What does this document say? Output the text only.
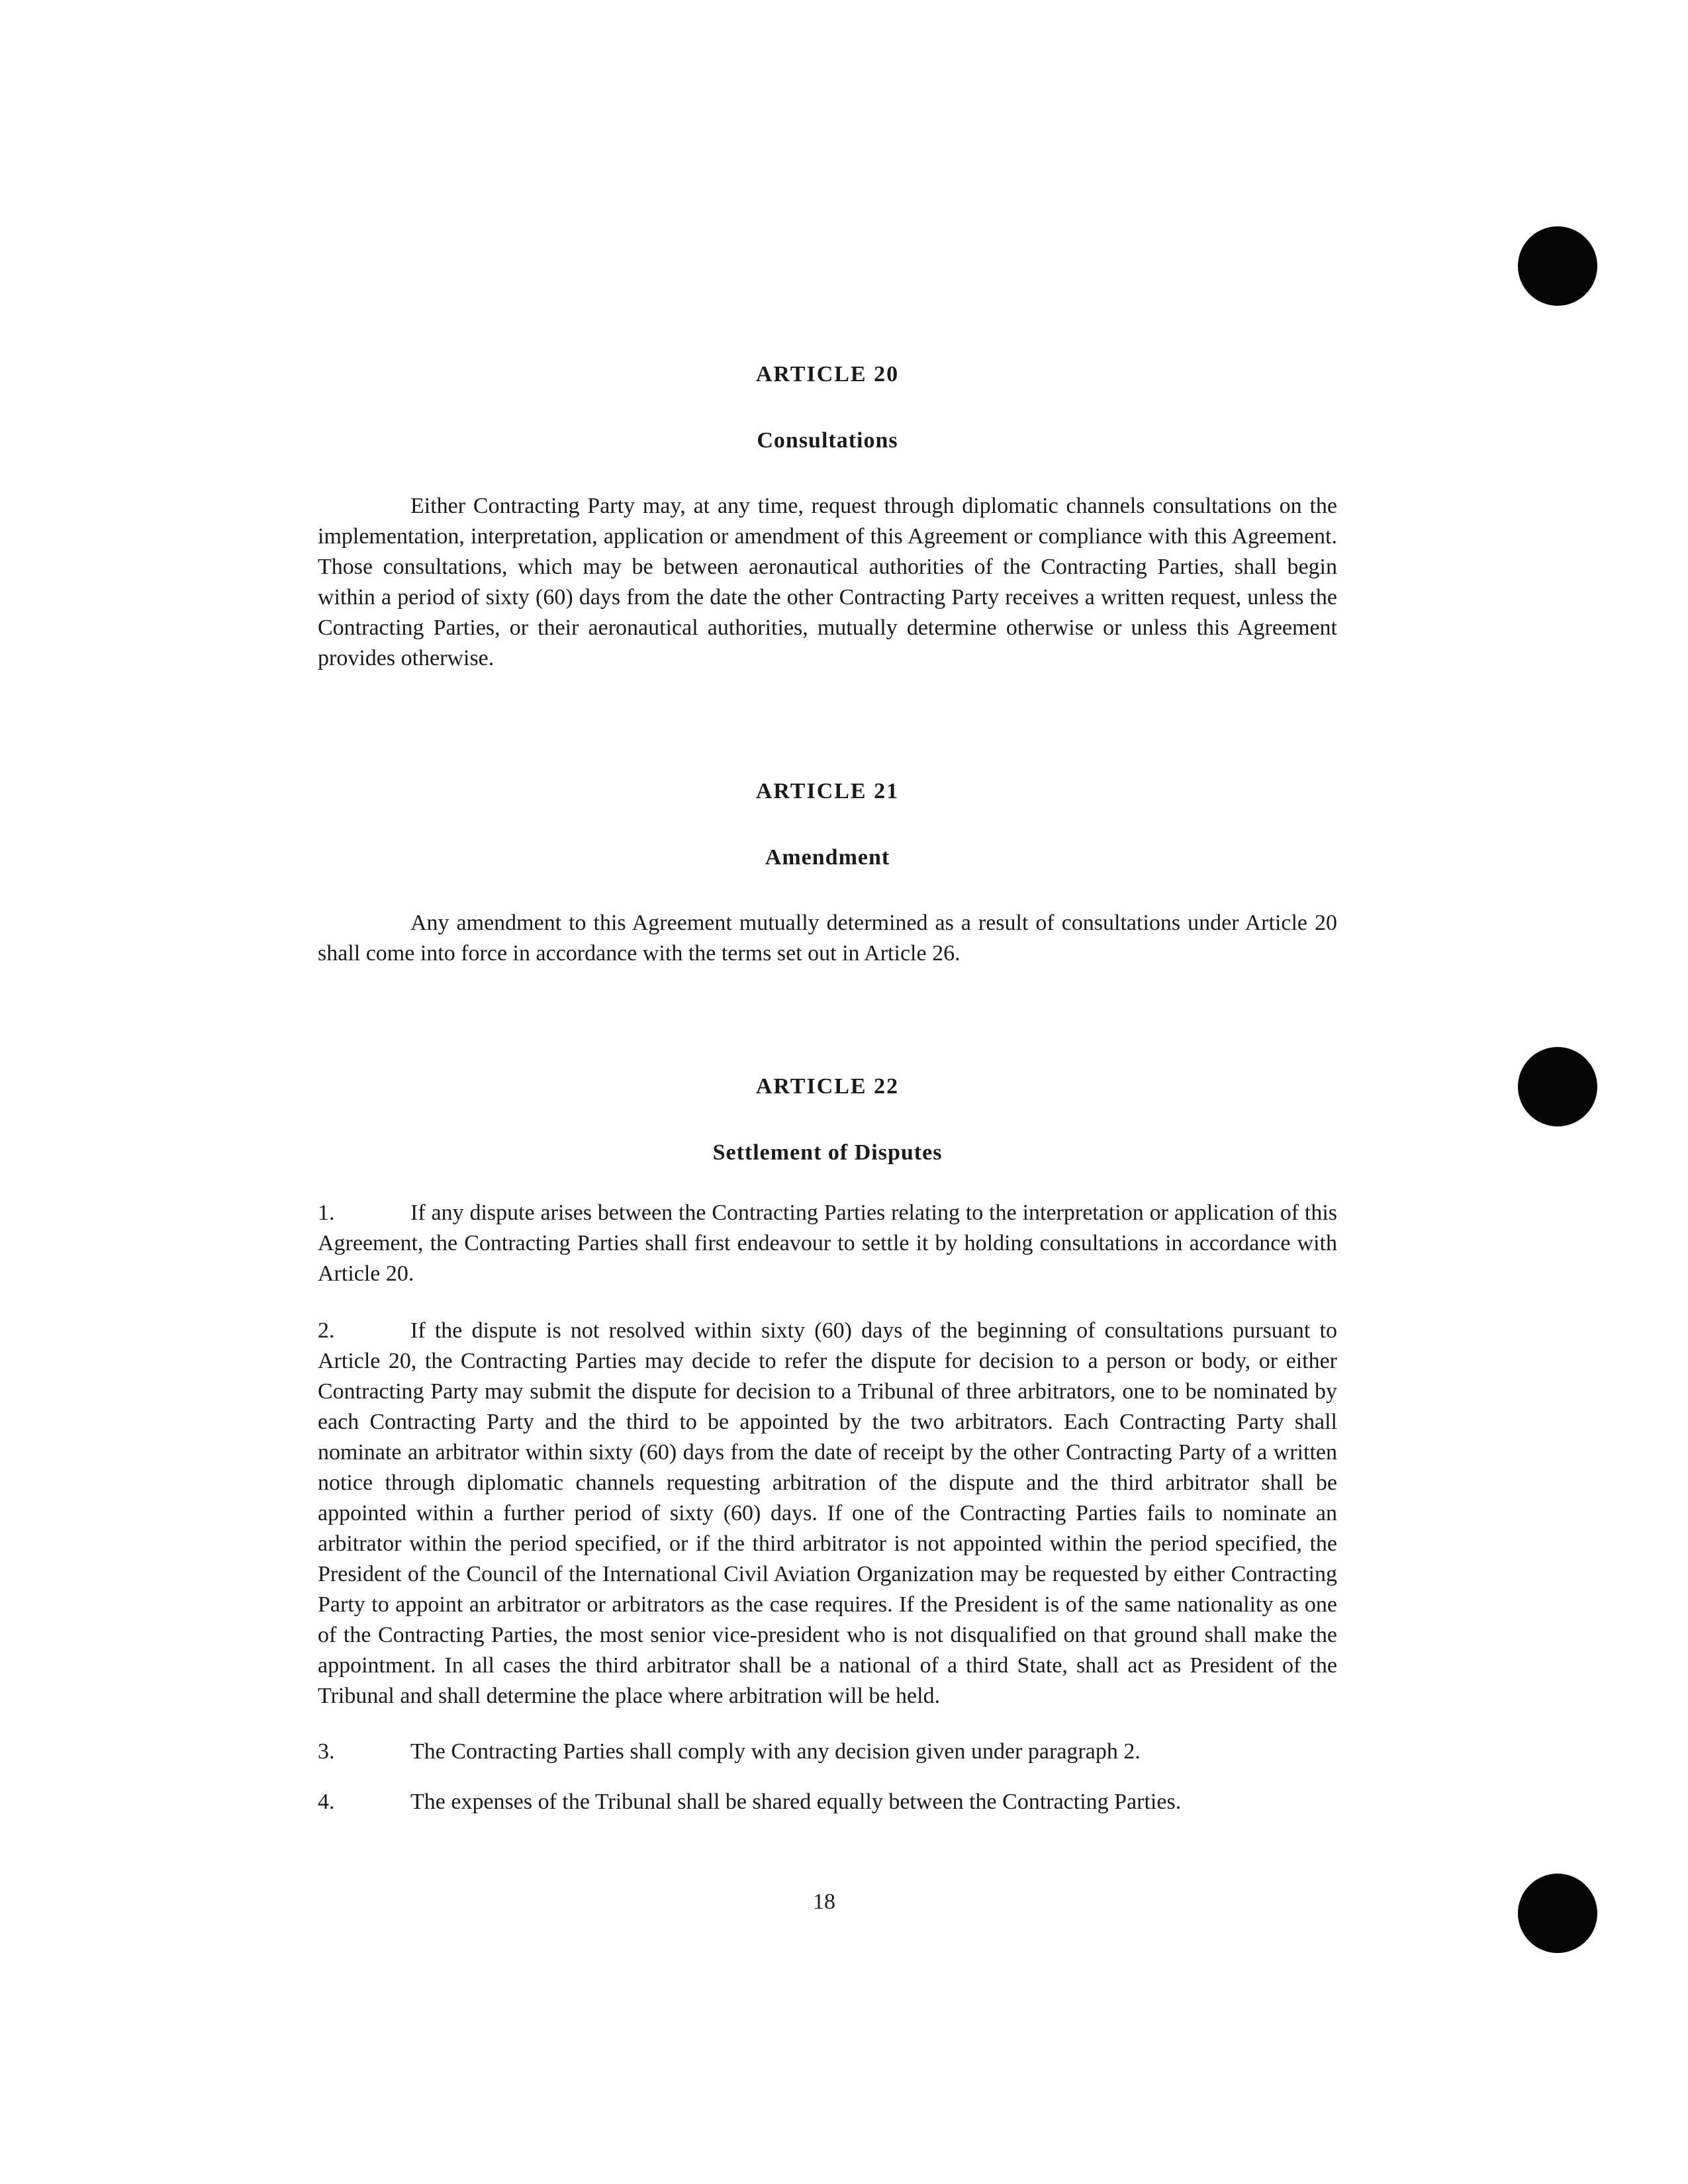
ARTICLE 20
Consultations

Either Contracting Party may, at any time, request through diplomatic channels consultations on the implementation, interpretation, application or amendment of this Agreement or compliance with this Agreement. Those consultations, which may be between aeronautical authorities of the Contracting Parties, shall begin within a period of sixty (60) days from the date the other Contracting Party receives a written request, unless the Contracting Parties, or their aeronautical authorities, mutually determine otherwise or unless this Agreement provides otherwise.

ARTICLE 21
Amendment

Any amendment to this Agreement mutually determined as a result of consultations under Article 20 shall come into force in accordance with the terms set out in Article 26.

ARTICLE 22
Settlement of Disputes

1.	If any dispute arises between the Contracting Parties relating to the interpretation or application of this Agreement, the Contracting Parties shall first endeavour to settle it by holding consultations in accordance with Article 20.

2.	If the dispute is not resolved within sixty (60) days of the beginning of consultations pursuant to Article 20, the Contracting Parties may decide to refer the dispute for decision to a person or body, or either Contracting Party may submit the dispute for decision to a Tribunal of three arbitrators, one to be nominated by each Contracting Party and the third to be appointed by the two arbitrators. Each Contracting Party shall nominate an arbitrator within sixty (60) days from the date of receipt by the other Contracting Party of a written notice through diplomatic channels requesting arbitration of the dispute and the third arbitrator shall be appointed within a further period of sixty (60) days. If one of the Contracting Parties fails to nominate an arbitrator within the period specified, or if the third arbitrator is not appointed within the period specified, the President of the Council of the International Civil Aviation Organization may be requested by either Contracting Party to appoint an arbitrator or arbitrators as the case requires. If the President is of the same nationality as one of the Contracting Parties, the most senior vice-president who is not disqualified on that ground shall make the appointment. In all cases the third arbitrator shall be a national of a third State, shall act as President of the Tribunal and shall determine the place where arbitration will be held.

3.	The Contracting Parties shall comply with any decision given under paragraph 2.

4.	The expenses of the Tribunal shall be shared equally between the Contracting Parties.

18
